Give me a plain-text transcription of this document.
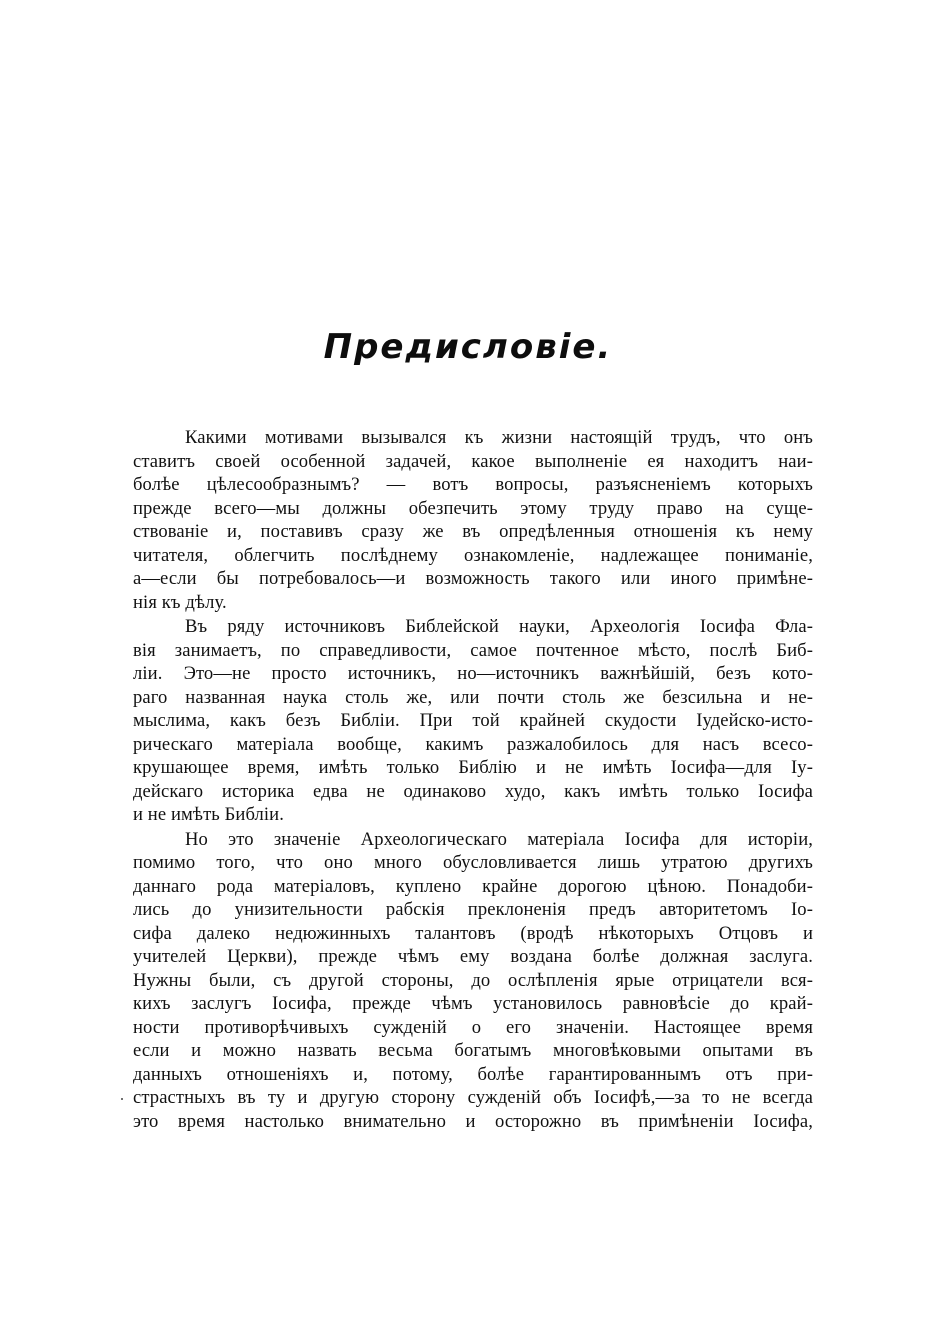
Предисловіе.
Какими мотивами вызывался къ жизни настоящій трудъ, что онъ
ставитъ своей особенной задачей, какое выполненіе ея находитъ наи-
болѣе цѣлесообразнымъ? — вотъ вопросы, разъясненіемъ которыхъ
прежде всего—мы должны обезпечить этому труду право на суще-
ствованіе и, поставивъ сразу же въ опредѣленныя отношенія къ нему
читателя, облегчить послѣднему ознакомленіе, надлежащее пониманіе,
а—если бы потребовалось—и возможность такого или иного примѣне-
нія къ дѣлу.
Въ ряду источниковъ Библейской науки, Археологія Іосифа Фла-
вія занимаетъ, по справедливости, самое почтенное мѣсто, послѣ Биб-
ліи. Это—не просто источникъ, но—источникъ важнѣйшій, безъ кото-
раго названная наука столь же, или почти столь же безсильна и не-
мыслима, какъ безъ Библіи. При той крайней скудости Іудейско-исто-
рическаго матеріала вообще, какимъ разжалобилось для насъ всесо-
крушающее время, имѣть только Библію и не имѣть Іосифа—для Іу-
дейскаго историка едва не одинаково худо, какъ имѣть только Іосифа
и не имѣть Библіи.
Но это значеніе Археологическаго матеріала Іосифа для исторіи,
помимо того, что оно много обусловливается лишь утратою другихъ
даннаго рода матеріаловъ, куплено крайне дорогою цѣною. Понадоби-
лись до унизительности рабскія преклоненія предъ авторитетомъ Іо-
сифа далеко недюжинныхъ талантовъ (вродѣ нѣкоторыхъ Отцовъ и
учителей Церкви), прежде чѣмъ ему воздана болѣе должная заслуга.
Нужны были, съ другой стороны, до ослѣпленія ярые отрицатели вся-
кихъ заслугъ Іосифа, прежде чѣмъ установилось равновѣсіе до край-
ности противорѣчивыхъ сужденій о его значеніи. Настоящее время
если и можно назвать весьма богатымъ многовѣковыми опытами въ
данныхъ отношеніяхъ и, потому, болѣе гарантированнымъ отъ при-
страстныхъ въ ту и другую сторону сужденій объ Іосифѣ,—за то не всегда
это время настолько внимательно и осторожно въ примѣненіи Іосифа,
